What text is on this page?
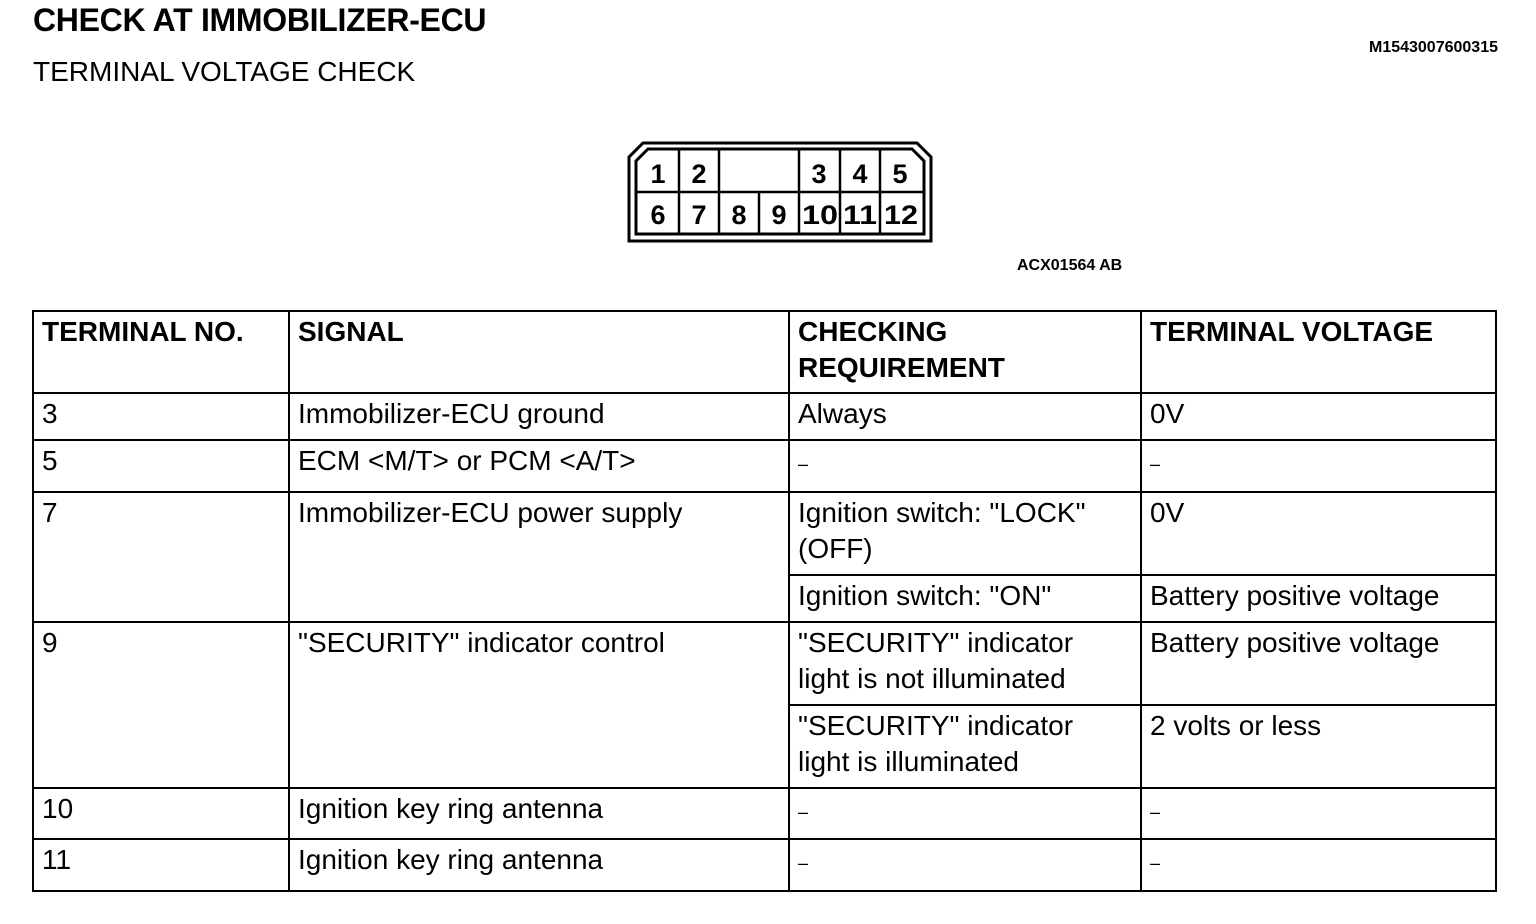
CHECK AT IMMOBILIZER-ECU
TERMINAL VOLTAGE CHECK
M1543007600315
1 2	3 4 5
6 7 8 9 10 11 12
ACX01564 AB
TERMINAL NO.	SIGNAL	CHECKING REQUIREMENT	TERMINAL VOLTAGE
3	Immobilizer-ECU ground	Always	0V
5	ECM <M/T> or PCM <A/T>	–	–
7	Immobilizer-ECU power supply	Ignition switch: "LOCK" (OFF)	0V
		Ignition switch: "ON"	Battery positive voltage
9	"SECURITY" indicator control	"SECURITY" indicator light is not illuminated	Battery positive voltage
		"SECURITY" indicator light is illuminated	2 volts or less
10	Ignition key ring antenna	–	–
11	Ignition key ring antenna	–	–
